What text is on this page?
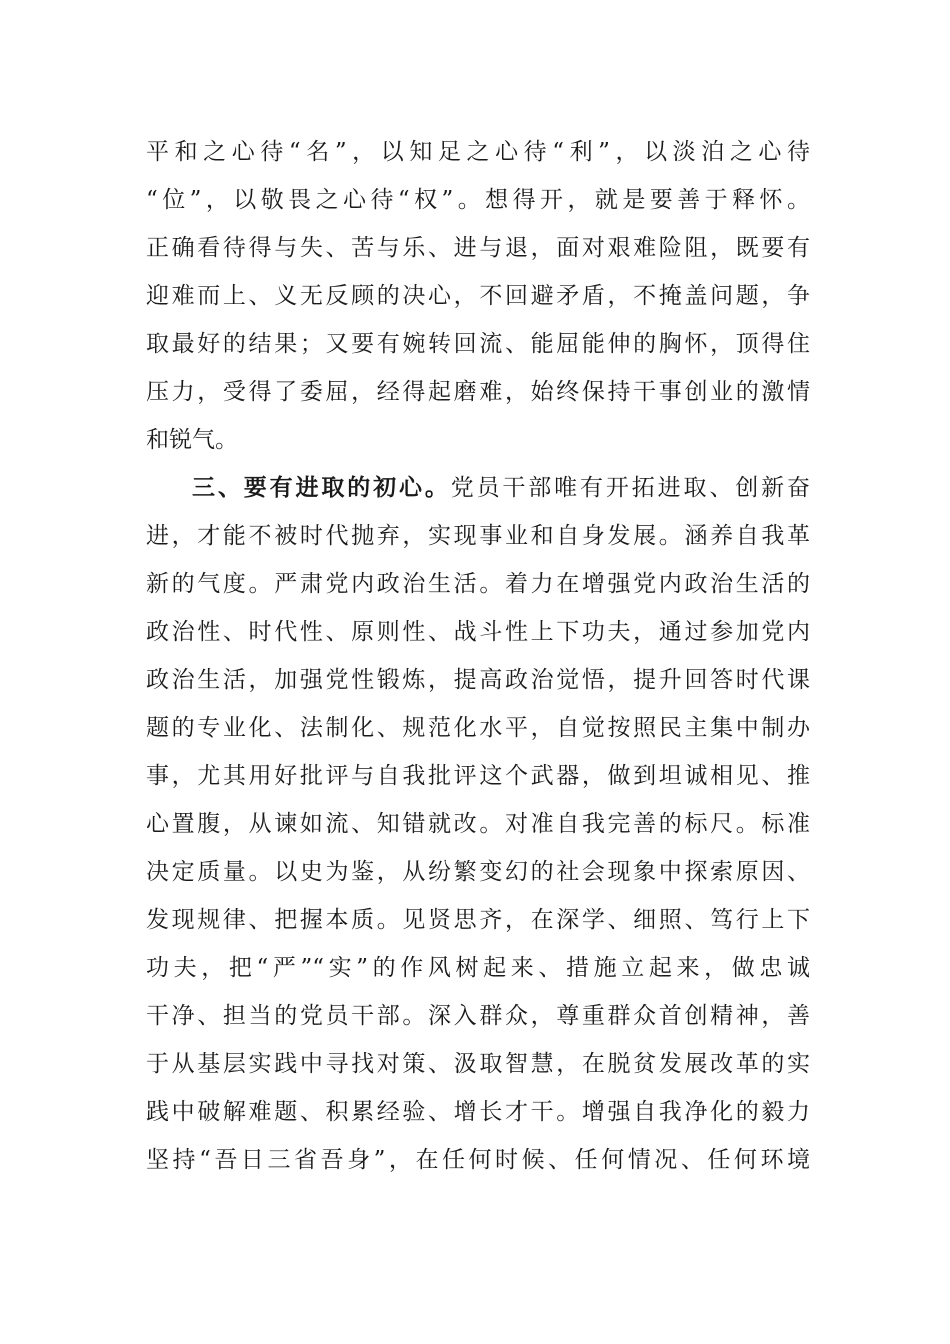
平和之心待“名”，以知足之心待“利”，以淡泊之心待
“位”，以敬畏之心待“权”。想得开，就是要善于释怀。
正确看待得与失、苦与乐、进与退，面对艰难险阻，既要有
迎难而上、义无反顾的决心，不回避矛盾，不掩盖问题，争
取最好的结果；又要有婉转回流、能屈能伸的胸怀，顶得住
压力，受得了委屈，经得起磨难，始终保持干事创业的激情
和锐气。
三、要有进取的初心。党员干部唯有开拓进取、创新奋
进，才能不被时代抛弃，实现事业和自身发展。涵养自我革
新的气度。严肃党内政治生活。着力在增强党内政治生活的
政治性、时代性、原则性、战斗性上下功夫，通过参加党内
政治生活，加强党性锻炼，提高政治觉悟，提升回答时代课
题的专业化、法制化、规范化水平，自觉按照民主集中制办
事，尤其用好批评与自我批评这个武器，做到坦诚相见、推
心置腹，从谏如流、知错就改。对准自我完善的标尺。标准
决定质量。以史为鉴，从纷繁变幻的社会现象中探索原因、
发现规律、把握本质。见贤思齐，在深学、细照、笃行上下
功夫，把“严”“实”的作风树起来、措施立起来，做忠诚
干净、担当的党员干部。深入群众，尊重群众首创精神，善
于从基层实践中寻找对策、汲取智慧，在脱贫发展改革的实
践中破解难题、积累经验、增长才干。增强自我净化的毅力
坚持“吾日三省吾身”，在任何时候、任何情况、任何环境
